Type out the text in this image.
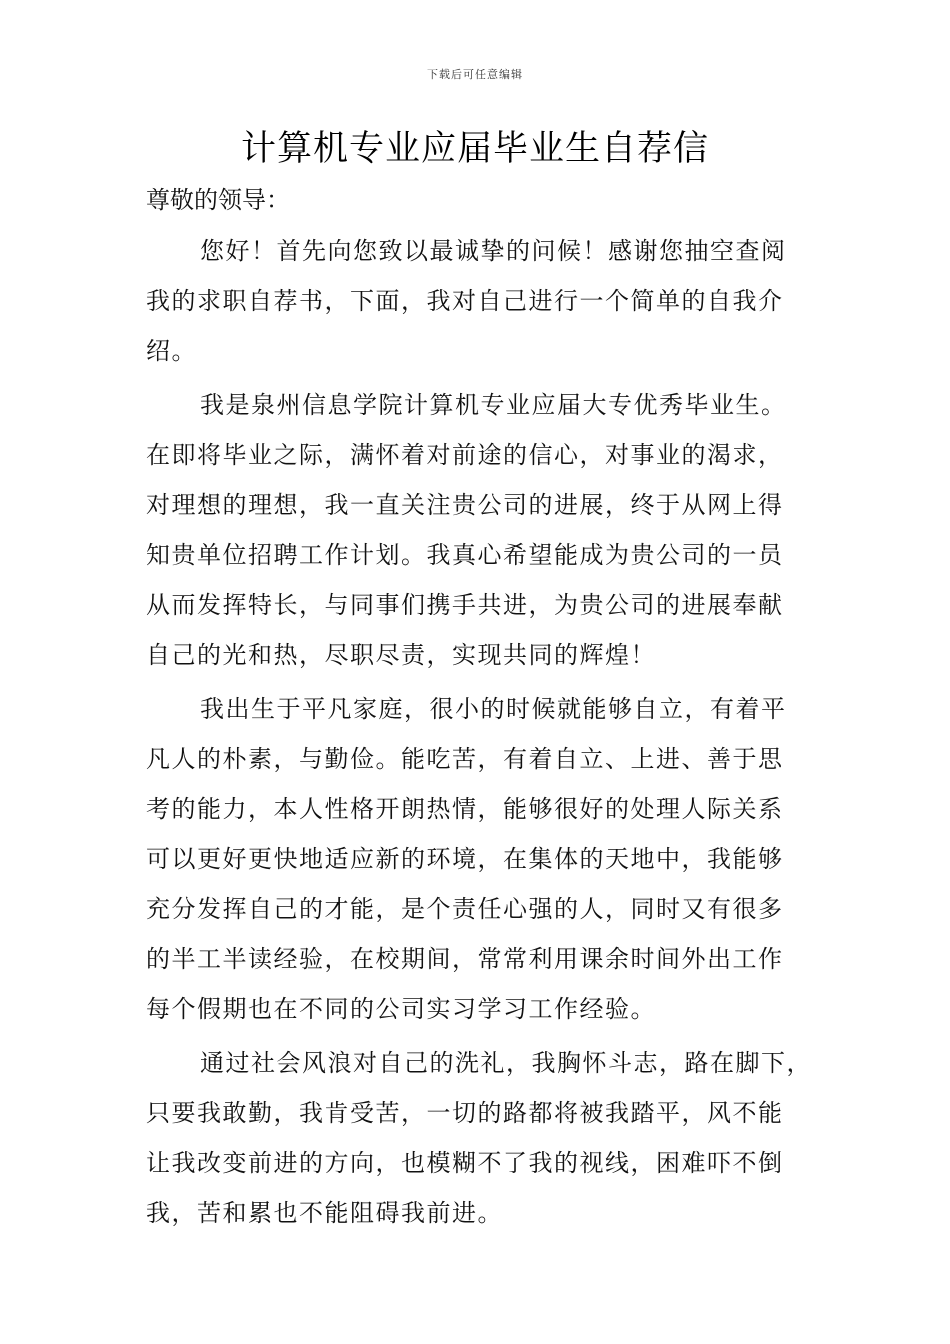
下载后可任意编辑
计算机专业应届毕业生自荐信
尊敬的领导：
您好！首先向您致以最诚挚的问候！感谢您抽空查阅
我的求职自荐书，下面，我对自己进行一个简单的自我介
绍。
我是泉州信息学院计算机专业应届大专优秀毕业生。
在即将毕业之际，满怀着对前途的信心，对事业的渴求，
对理想的理想，我一直关注贵公司的进展，终于从网上得
知贵单位招聘工作计划。我真心希望能成为贵公司的一员
从而发挥特长，与同事们携手共进，为贵公司的进展奉献
自己的光和热，尽职尽责，实现共同的辉煌！
我出生于平凡家庭，很小的时候就能够自立，有着平
凡人的朴素，与勤俭。能吃苦，有着自立、上进、善于思
考的能力，本人性格开朗热情，能够很好的处理人际关系
可以更好更快地适应新的环境，在集体的天地中，我能够
充分发挥自己的才能，是个责任心强的人，同时又有很多
的半工半读经验，在校期间，常常利用课余时间外出工作
每个假期也在不同的公司实习学习工作经验。
通过社会风浪对自己的洗礼，我胸怀斗志，路在脚下，
只要我敢勤，我肯受苦，一切的路都将被我踏平，风不能
让我改变前进的方向，也模糊不了我的视线，困难吓不倒
我，苦和累也不能阻碍我前进。
